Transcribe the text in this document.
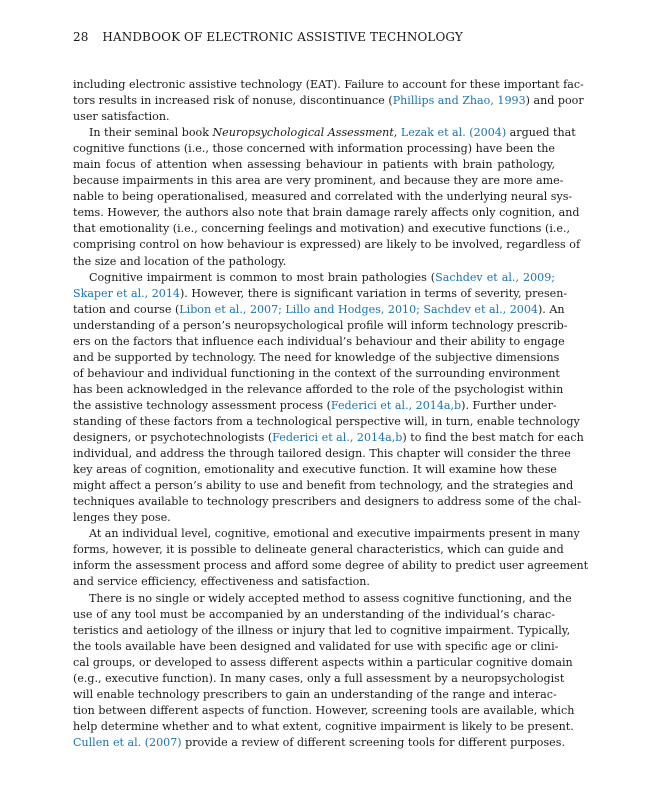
28 HANDBOOK OF ELECTRONIC ASSISTIVE TECHNOLOGY
including electronic assistive technology (EAT). Failure to account for these important fac-
tors results in increased risk of nonuse, discontinuance (Phillips and Zhao, 1993) and poor
user satisfaction.
In their seminal book Neuropsychological Assessment, Lezak et al. (2004) argued that
cognitive functions (i.e., those concerned with information processing) have been the
main focus of attention when assessing behaviour in patients with brain pathology,
because impairments in this area are very prominent, and because they are more ame-
nable to being operationalised, measured and correlated with the underlying neural sys-
tems. However, the authors also note that brain damage rarely affects only cognition, and
that emotionality (i.e., concerning feelings and motivation) and executive functions (i.e.,
comprising control on how behaviour is expressed) are likely to be involved, regardless of
the size and location of the pathology.
Cognitive impairment is common to most brain pathologies (Sachdev et al., 2009;
Skaper et al., 2014). However, there is significant variation in terms of severity, presen-
tation and course (Libon et al., 2007; Lillo and Hodges, 2010; Sachdev et al., 2004). An
understanding of a person’s neuropsychological profile will inform technology prescrib-
ers on the factors that influence each individual’s behaviour and their ability to engage
and be supported by technology. The need for knowledge of the subjective dimensions
of behaviour and individual functioning in the context of the surrounding environment
has been acknowledged in the relevance afforded to the role of the psychologist within
the assistive technology assessment process (Federici et al., 2014a,b). Further under-
standing of these factors from a technological perspective will, in turn, enable technology
designers, or psychotechnologists (Federici et al., 2014a,b) to find the best match for each
individual, and address the through tailored design. This chapter will consider the three
key areas of cognition, emotionality and executive function. It will examine how these
might affect a person’s ability to use and benefit from technology, and the strategies and
techniques available to technology prescribers and designers to address some of the chal-
lenges they pose.
At an individual level, cognitive, emotional and executive impairments present in many
forms, however, it is possible to delineate general characteristics, which can guide and
inform the assessment process and afford some degree of ability to predict user agreement
and service efficiency, effectiveness and satisfaction.
There is no single or widely accepted method to assess cognitive functioning, and the
use of any tool must be accompanied by an understanding of the individual’s charac-
teristics and aetiology of the illness or injury that led to cognitive impairment. Typically,
the tools available have been designed and validated for use with specific age or clini-
cal groups, or developed to assess different aspects within a particular cognitive domain
(e.g., executive function). In many cases, only a full assessment by a neuropsychologist
will enable technology prescribers to gain an understanding of the range and interac-
tion between different aspects of function. However, screening tools are available, which
help determine whether and to what extent, cognitive impairment is likely to be present.
Cullen et al. (2007) provide a review of different screening tools for different purposes.
